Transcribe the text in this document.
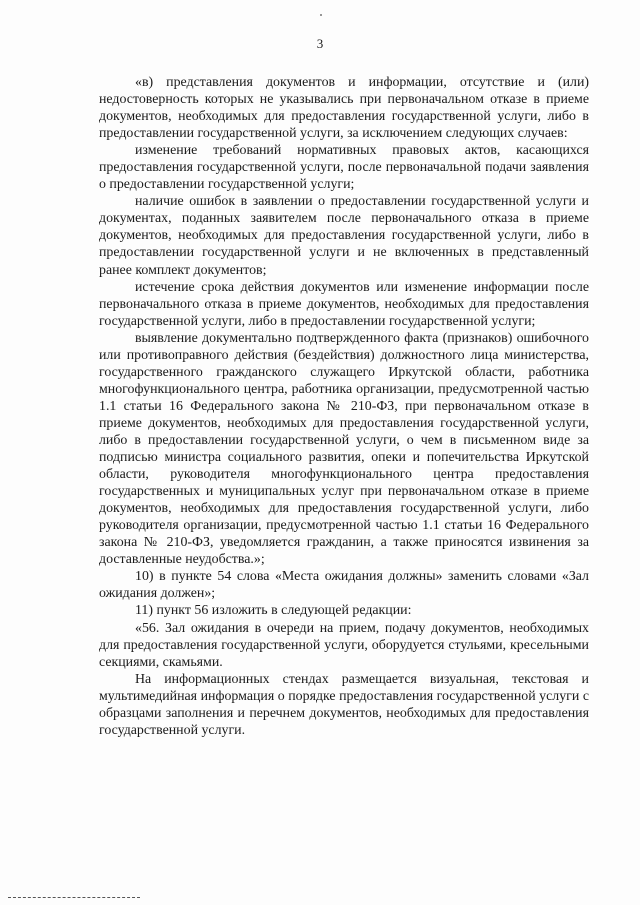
3

«в) представления документов и информации, отсутствие и (или) недостоверность которых не указывались при первоначальном отказе в приеме документов, необходимых для предоставления государственной услуги, либо в предоставлении государственной услуги, за исключением следующих случаев:

изменение требований нормативных правовых актов, касающихся предоставления государственной услуги, после первоначальной подачи заявления о предоставлении государственной услуги;

наличие ошибок в заявлении о предоставлении государственной услуги и документах, поданных заявителем после первоначального отказа в приеме документов, необходимых для предоставления государственной услуги, либо в предоставлении государственной услуги и не включенных в представленный ранее комплект документов;

истечение срока действия документов или изменение информации после первоначального отказа в приеме документов, необходимых для предоставления государственной услуги, либо в предоставлении государственной услуги;

выявление документально подтвержденного факта (признаков) ошибочного или противоправного действия (бездействия) должностного лица министерства, государственного гражданского служащего Иркутской области, работника многофункционального центра, работника организации, предусмотренной частью 1.1 статьи 16 Федерального закона № 210-ФЗ, при первоначальном отказе в приеме документов, необходимых для предоставления государственной услуги, либо в предоставлении государственной услуги, о чем в письменном виде за подписью министра социального развития, опеки и попечительства Иркутской области, руководителя многофункционального центра предоставления государственных и муниципальных услуг при первоначальном отказе в приеме документов, необходимых для предоставления государственной услуги, либо руководителя организации, предусмотренной частью 1.1 статьи 16 Федерального закона № 210-ФЗ, уведомляется гражданин, а также приносятся извинения за доставленные неудобства.»;

10) в пункте 54 слова «Места ожидания должны» заменить словами «Зал ожидания должен»;

11) пункт 56 изложить в следующей редакции:

«56. Зал ожидания в очереди на прием, подачу документов, необходимых для предоставления государственной услуги, оборудуется стульями, кресельными секциями, скамьями.

На информационных стендах размещается визуальная, текстовая и мультимедийная информация о порядке предоставления государственной услуги с образцами заполнения и перечнем документов, необходимых для предоставления государственной услуги.
